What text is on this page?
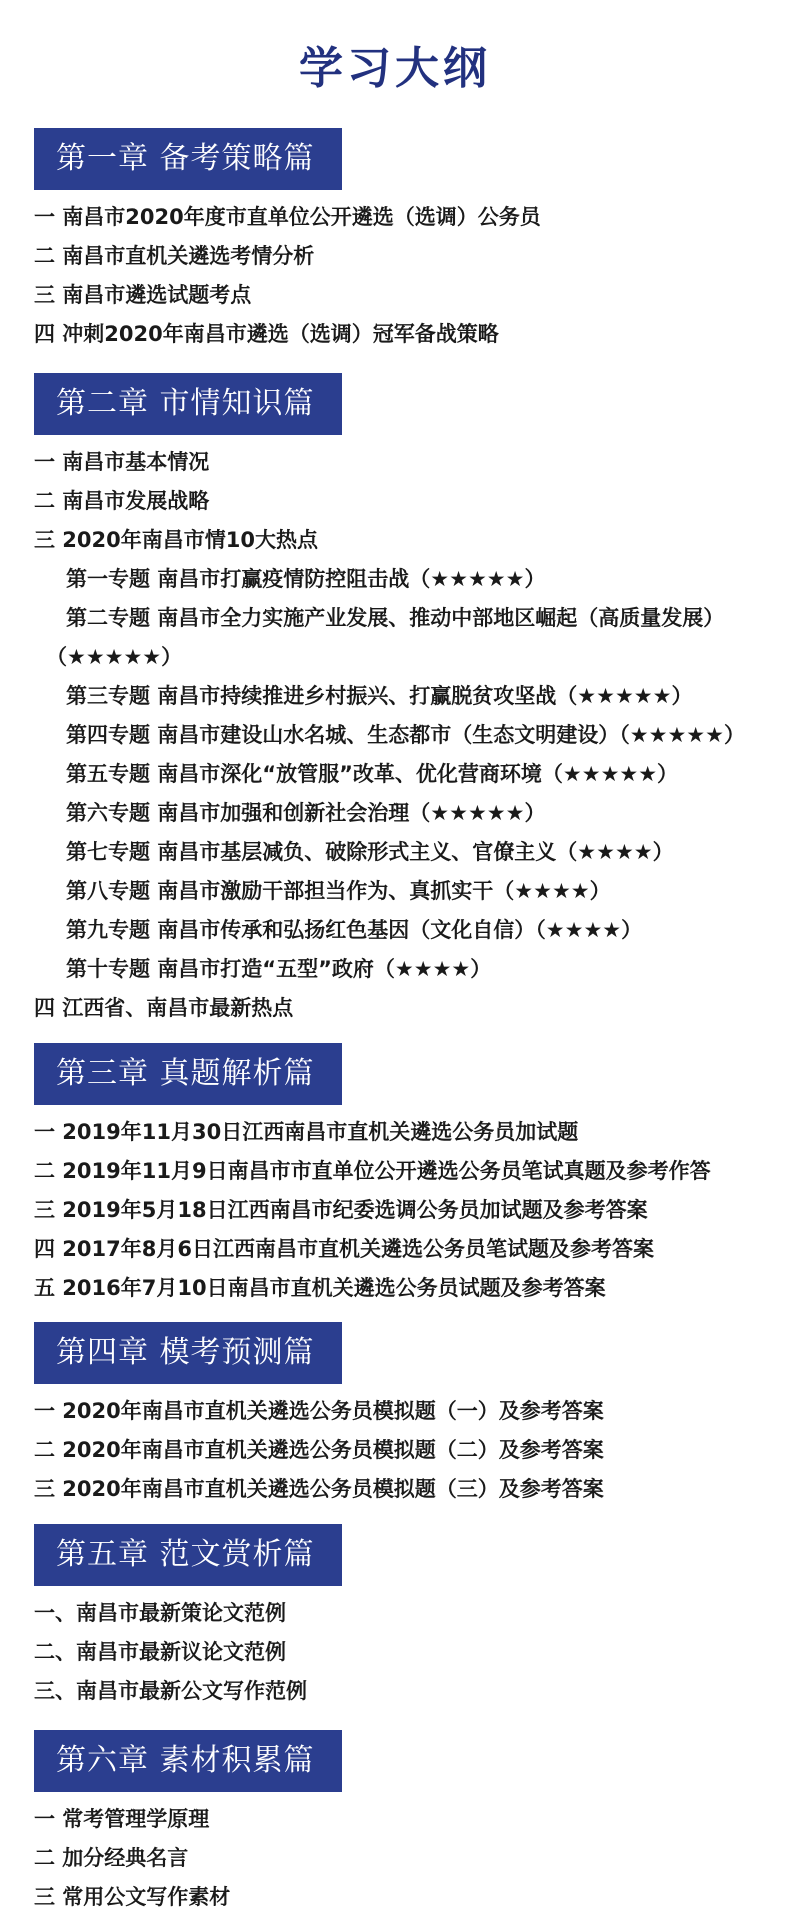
学习大纲
第一章 备考策略篇
一 南昌市2020年度市直单位公开遴选（选调）公务员
二 南昌市直机关遴选考情分析
三 南昌市遴选试题考点
四 冲刺2020年南昌市遴选（选调）冠军备战策略
第二章 市情知识篇
一 南昌市基本情况
二 南昌市发展战略
三 2020年南昌市情10大热点
第一专题 南昌市打赢疫情防控阻击战（★★★★★）
第二专题 南昌市全力实施产业发展、推动中部地区崛起（高质量发展）
（★★★★★）
第三专题 南昌市持续推进乡村振兴、打赢脱贫攻坚战（★★★★★）
第四专题 南昌市建设山水名城、生态都市（生态文明建设）（★★★★★）
第五专题 南昌市深化“放管服”改革、优化营商环境（★★★★★）
第六专题 南昌市加强和创新社会治理（★★★★★）
第七专题 南昌市基层减负、破除形式主义、官僚主义（★★★★）
第八专题 南昌市激励干部担当作为、真抓实干（★★★★）
第九专题 南昌市传承和弘扬红色基因（文化自信）（★★★★）
第十专题 南昌市打造“五型”政府（★★★★）
四 江西省、南昌市最新热点
第三章 真题解析篇
一 2019年11月30日江西南昌市直机关遴选公务员加试题
二 2019年11月9日南昌市市直单位公开遴选公务员笔试真题及参考作答
三 2019年5月18日江西南昌市纪委选调公务员加试题及参考答案
四 2017年8月6日江西南昌市直机关遴选公务员笔试题及参考答案
五 2016年7月10日南昌市直机关遴选公务员试题及参考答案
第四章 模考预测篇
一 2020年南昌市直机关遴选公务员模拟题（一）及参考答案
二 2020年南昌市直机关遴选公务员模拟题（二）及参考答案
三 2020年南昌市直机关遴选公务员模拟题（三）及参考答案
第五章 范文赏析篇
一、南昌市最新策论文范例
二、南昌市最新议论文范例
三、南昌市最新公文写作范例
第六章 素材积累篇
一 常考管理学原理
二 加分经典名言
三 常用公文写作素材
